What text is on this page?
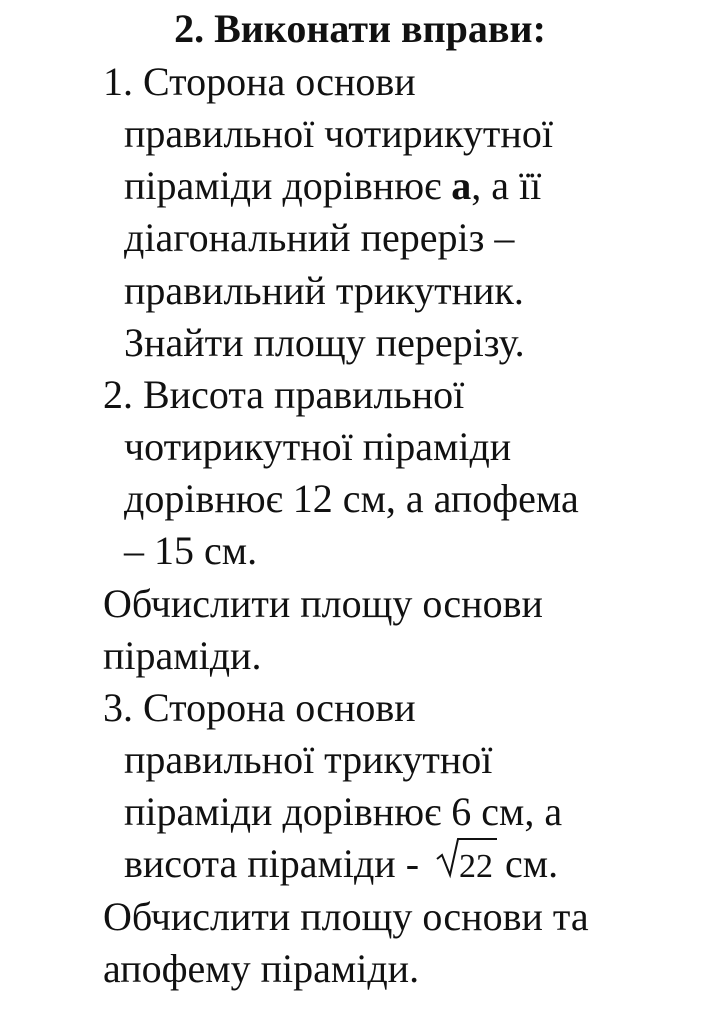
2. Виконати вправи:
1. Сторона основи
правильної чотирикутної
піраміди дорівнює а, а її
діагональний переріз –
правильний трикутник.
Знайти площу перерізу.
2. Висота правильної
чотирикутної піраміди
дорівнює 12 см, а апофема
– 15 см.
Обчислити площу основи
піраміди.
3. Сторона основи
правильної трикутної
піраміди дорівнює 6 см, а
висота піраміди -
22 см.
Обчислити площу основи та
апофему піраміди.
